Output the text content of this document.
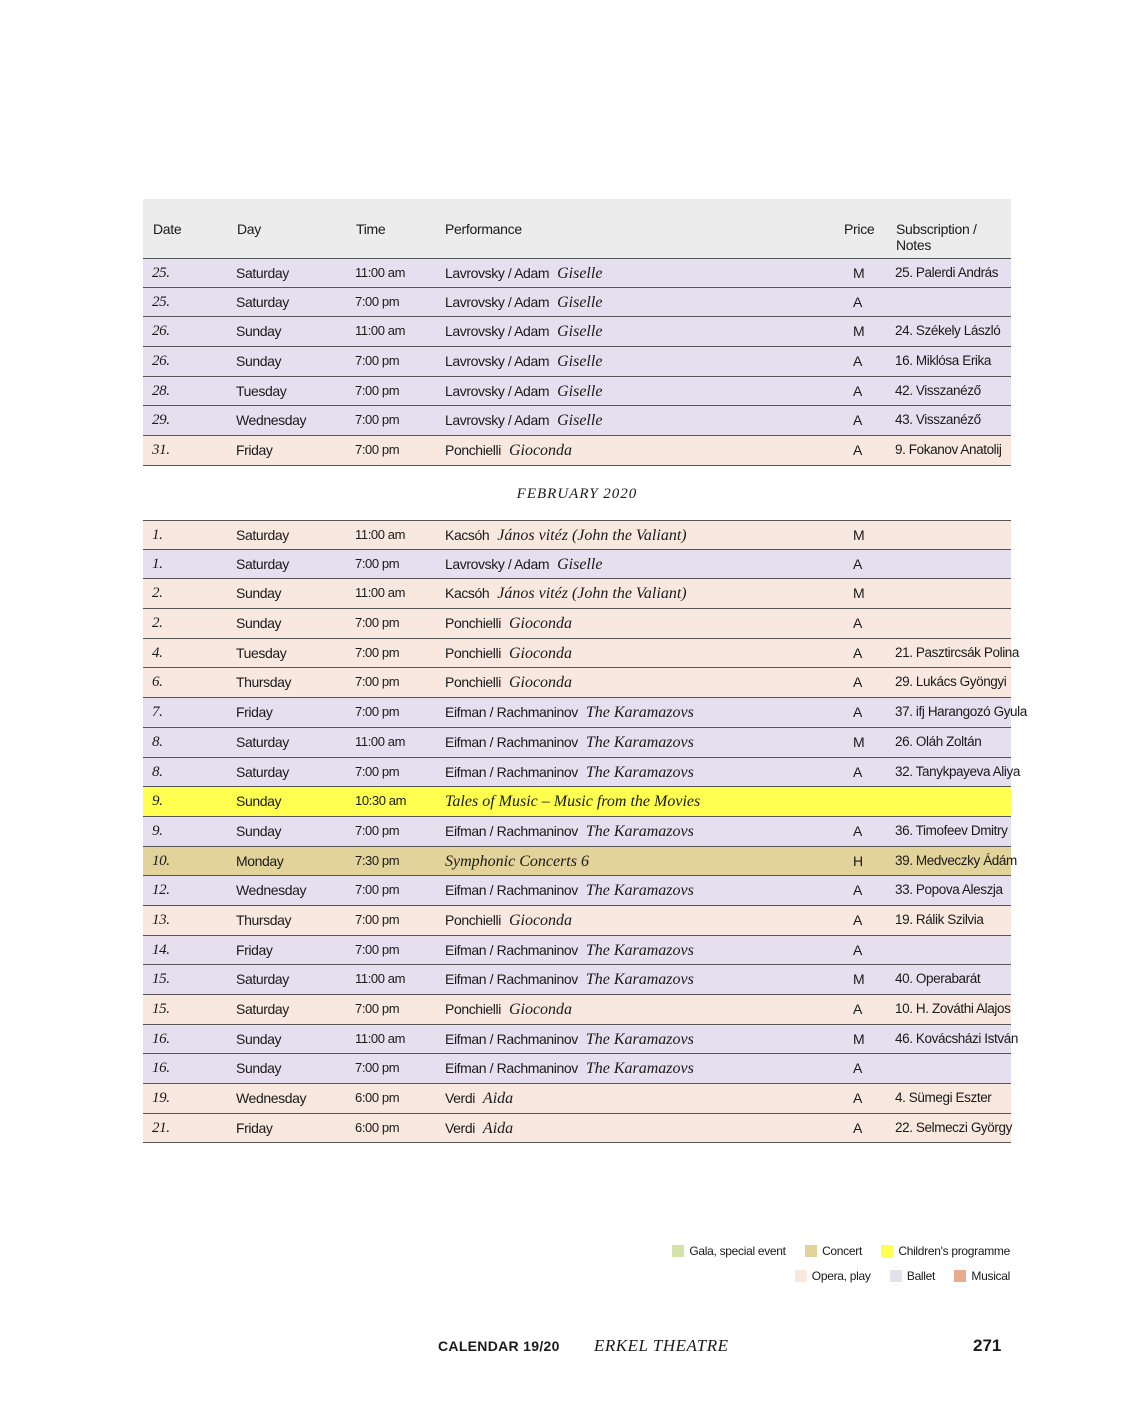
Date	Day	Time	Performance	Price Subscription / Notes
25.	Saturday	11:00 am	Lavrovsky / Adam Giselle	M 25. Palerdi András
25.	Saturday	7:00 pm	Lavrovsky / Adam Giselle	A
26.	Sunday	11:00 am	Lavrovsky / Adam Giselle	M 24. Székely László
26.	Sunday	7:00 pm	Lavrovsky / Adam Giselle	A 16. Miklósa Erika
28.	Tuesday	7:00 pm	Lavrovsky / Adam Giselle	A 42. Visszanéző
29.	Wednesday	7:00 pm	Lavrovsky / Adam Giselle	A 43. Visszanéző
31.	Friday	7:00 pm	Ponchielli Gioconda	A 9. Fokanov Anatolij
FEBRUARY 2020
1.	Saturday	11:00 am	Kacsóh János vitéz (John the Valiant)	M
1.	Saturday	7:00 pm	Lavrovsky / Adam Giselle	A
2.	Sunday	11:00 am	Kacsóh János vitéz (John the Valiant)	M
2.	Sunday	7:00 pm	Ponchielli Gioconda	A
4.	Tuesday	7:00 pm	Ponchielli Gioconda	A 21. Pasztircsák Polina
6.	Thursday	7:00 pm	Ponchielli Gioconda	A 29. Lukács Gyöngyi
7.	Friday	7:00 pm	Eifman / Rachmaninov The Karamazovs	A 37. ifj Harangozó Gyula
8.	Saturday	11:00 am	Eifman / Rachmaninov The Karamazovs	M 26. Oláh Zoltán
8.	Saturday	7:00 pm	Eifman / Rachmaninov The Karamazovs	A 32. Tanykpayeva Aliya
9.	Sunday	10:30 am Tales of Music – Music from the Movies
9.	Sunday	7:00 pm	Eifman / Rachmaninov The Karamazovs	A 36. Timofeev Dmitry
10.	Monday	7:30 pm	Symphonic Concerts 6	H 39. Medveczky Ádám
12.	Wednesday	7:00 pm	Eifman / Rachmaninov The Karamazovs	A 33. Popova Aleszja
13.	Thursday	7:00 pm	Ponchielli Gioconda	A 19. Rálik Szilvia
14.	Friday	7:00 pm	Eifman / Rachmaninov The Karamazovs	A
15.	Saturday	11:00 am	Eifman / Rachmaninov The Karamazovs	M 40. Operabarát
15.	Saturday	7:00 pm	Ponchielli Gioconda	A 10. H. Zováthi Alajos
16.	Sunday	11:00 am	Eifman / Rachmaninov The Karamazovs	M 46. Kovácsházi István
16.	Sunday	7:00 pm	Eifman / Rachmaninov The Karamazovs	A
19.	Wednesday	6:00 pm	Verdi Aida	A 4. Sümegi Eszter
21.	Friday	6:00 pm	Verdi Aida	A 22. Selmeczi György
Gala, special event
	Concert
	Children's programme
Opera, play
	Ballet
	Musical
CALENDAR 19/20 ERKEL THEATRE	271
